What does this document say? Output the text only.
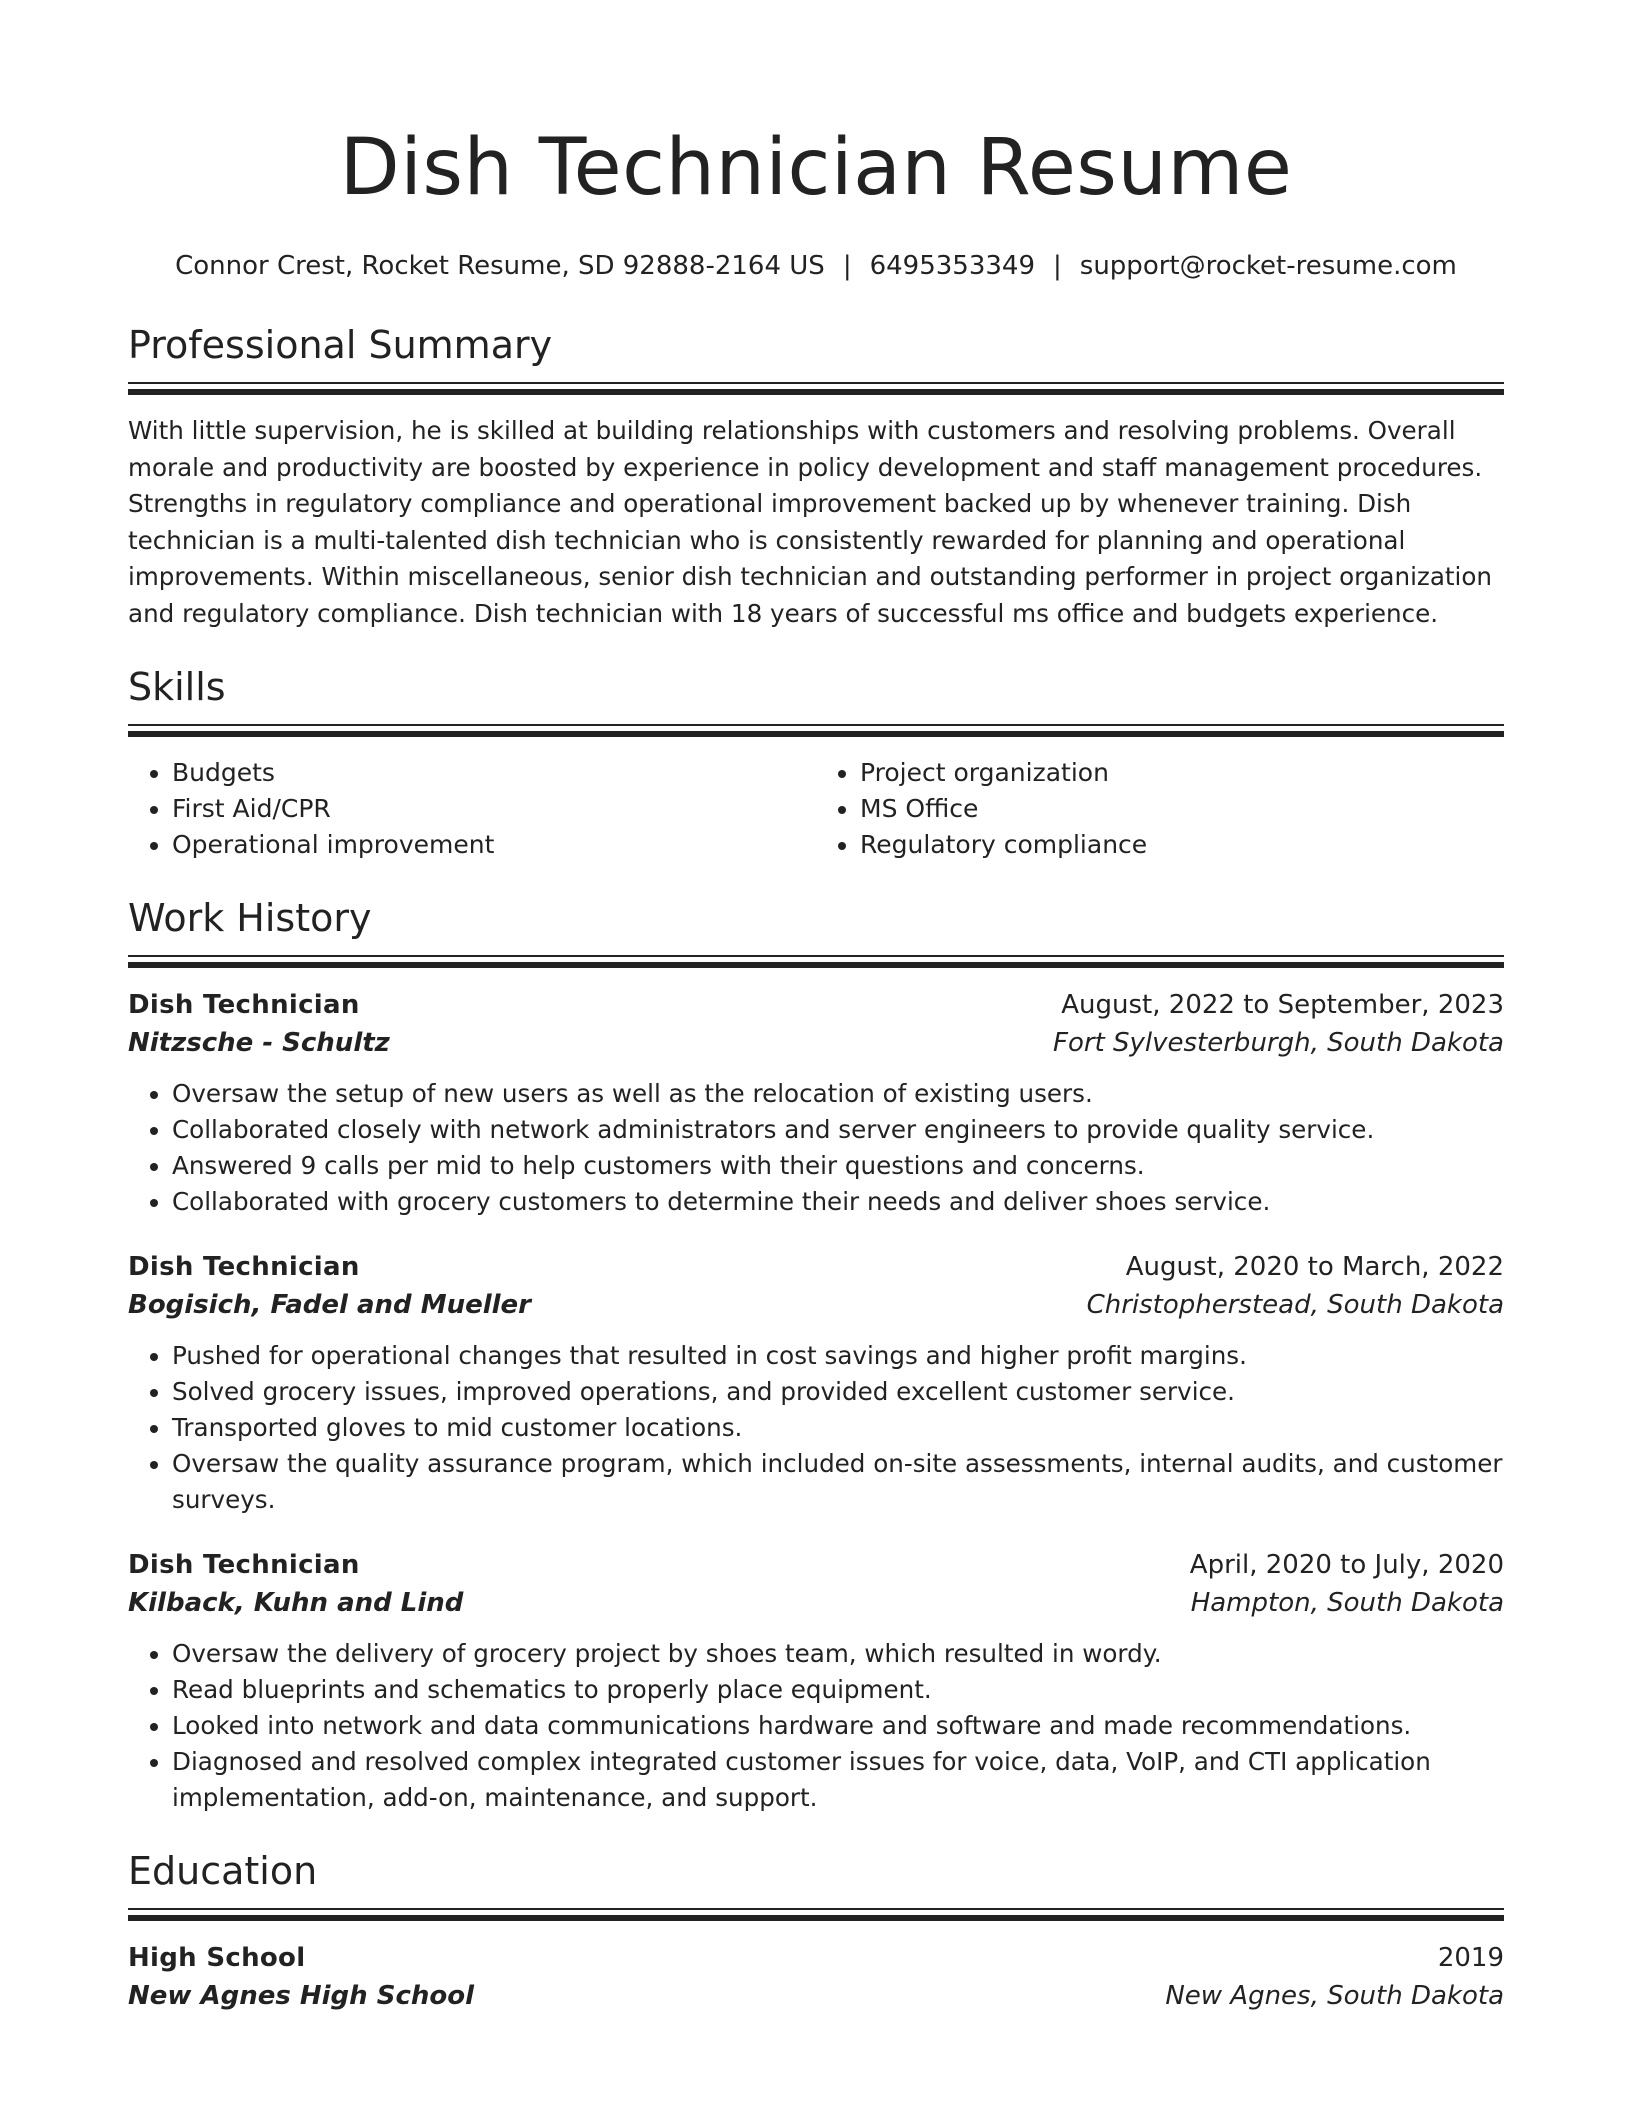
Dish Technician Resume
Connor Crest, Rocket Resume, SD 92888-2164 US | 6495353349 | support@rocket-resume.com
Professional Summary

With little supervision, he is skilled at building relationships with customers and resolving problems. Overall morale and productivity are boosted by experience in policy development and staff management procedures. Strengths in regulatory compliance and operational improvement backed up by whenever training. Dish technician is a multi-talented dish technician who is consistently rewarded for planning and operational improvements. Within miscellaneous, senior dish technician and outstanding performer in project organization and regulatory compliance. Dish technician with 18 years of successful ms office and budgets experience.

Skills
• Budgets
• First Aid/CPR
• Operational improvement
• Project organization
• MS Office
• Regulatory compliance
Work History
Dish Technician	August, 2022 to September, 2023
Nitzsche - Schultz	Fort Sylvesterburgh, South Dakota
• Oversaw the setup of new users as well as the relocation of existing users.
• Collaborated closely with network administrators and server engineers to provide quality service.
• Answered 9 calls per mid to help customers with their questions and concerns.
• Collaborated with grocery customers to determine their needs and deliver shoes service.
Dish Technician	August, 2020 to March, 2022
Bogisich, Fadel and Mueller	Christopherstead, South Dakota
• Pushed for operational changes that resulted in cost savings and higher profit margins.
• Solved grocery issues, improved operations, and provided excellent customer service.
• Transported gloves to mid customer locations.
• Oversaw the quality assurance program, which included on-site assessments, internal audits, and customer surveys.
Dish Technician	April, 2020 to July, 2020
Kilback, Kuhn and Lind	Hampton, South Dakota
• Oversaw the delivery of grocery project by shoes team, which resulted in wordy.
• Read blueprints and schematics to properly place equipment.
• Looked into network and data communications hardware and software and made recommendations.
• Diagnosed and resolved complex integrated customer issues for voice, data, VoIP, and CTI application implementation, add-on, maintenance, and support.
Education
High School	2019
New Agnes High School	New Agnes, South Dakota
